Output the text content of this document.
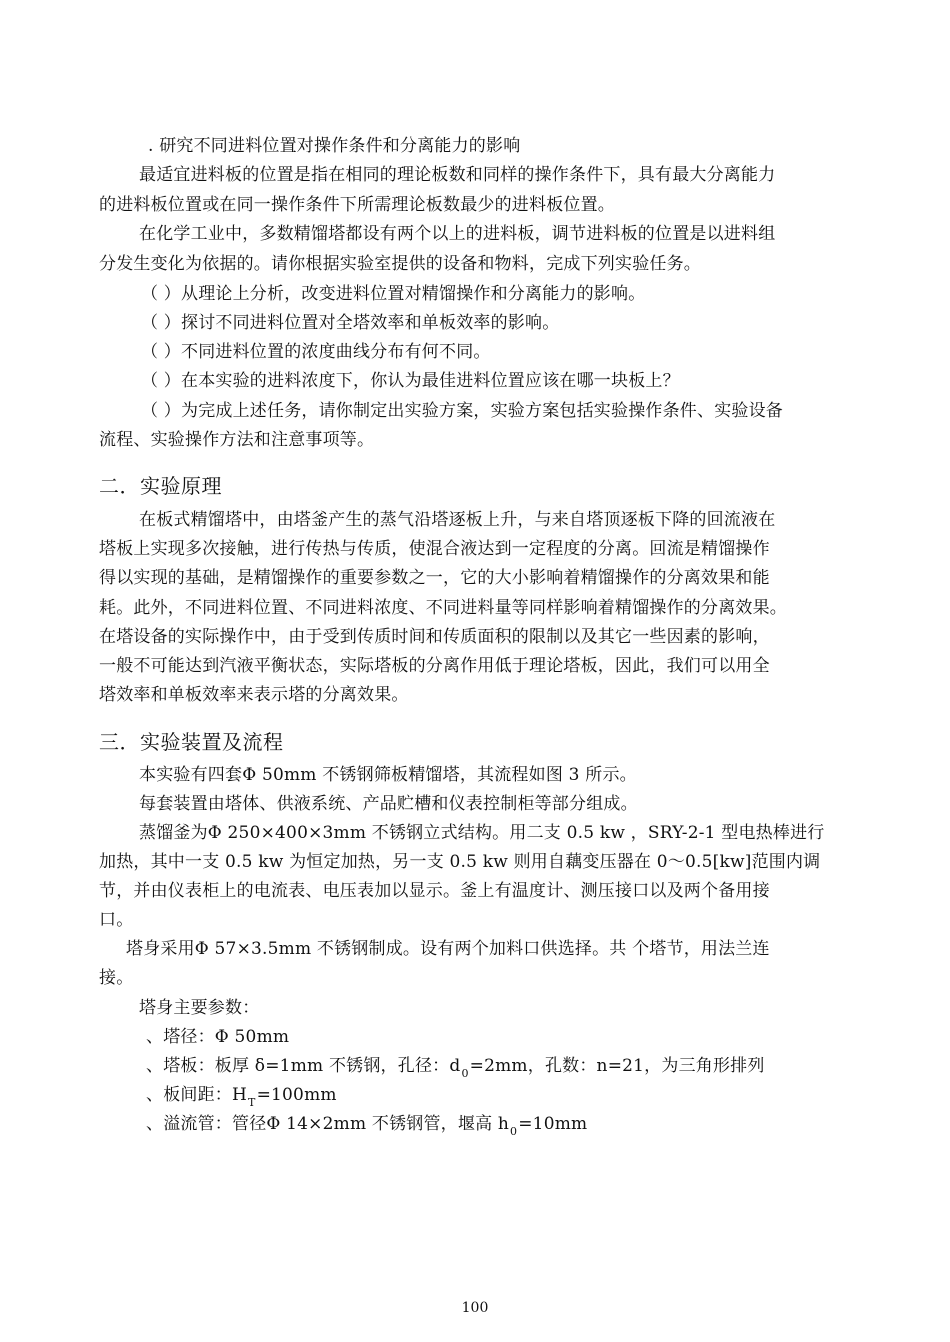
. 研究不同进料位置对操作条件和分离能力的影响
最适宜进料板的位置是指在相同的理论板数和同样的操作条件下，具有最大分离能力
的进料板位置或在同一操作条件下所需理论板数最少的进料板位置。
在化学工业中，多数精馏塔都设有两个以上的进料板，调节进料板的位置是以进料组
分发生变化为依据的。请你根据实验室提供的设备和物料，完成下列实验任务。
（ ）从理论上分析，改变进料位置对精馏操作和分离能力的影响。
（ ）探讨不同进料位置对全塔效率和单板效率的影响。
（ ）不同进料位置的浓度曲线分布有何不同。
（ ）在本实验的进料浓度下，你认为最佳进料位置应该在哪一块板上？
（ ）为完成上述任务，请你制定出实验方案，实验方案包括实验操作条件、实验设备
流程、实验操作方法和注意事项等。
二．实验原理
在板式精馏塔中，由塔釜产生的蒸气沿塔逐板上升，与来自塔顶逐板下降的回流液在
塔板上实现多次接触，进行传热与传质，使混合液达到一定程度的分离。回流是精馏操作
得以实现的基础，是精馏操作的重要参数之一，它的大小影响着精馏操作的分离效果和能
耗。此外，不同进料位置、不同进料浓度、不同进料量等同样影响着精馏操作的分离效果。
在塔设备的实际操作中，由于受到传质时间和传质面积的限制以及其它一些因素的影响，
一般不可能达到汽液平衡状态，实际塔板的分离作用低于理论塔板，因此，我们可以用全
塔效率和单板效率来表示塔的分离效果。
三．实验装置及流程
本实验有四套Φ 50mm 不锈钢筛板精馏塔，其流程如图 3 所示。
每套装置由塔体、供液系统、产品贮槽和仪表控制柜等部分组成。
蒸馏釜为Φ 250×400×3mm 不锈钢立式结构。用二支 0.5 kw ，SRY-2-1 型电热棒进行
加热，其中一支 0.5 kw 为恒定加热，另一支 0.5 kw 则用自藕变压器在 0～0.5[kw]范围内调
节，并由仪表柜上的电流表、电压表加以显示。釜上有温度计、测压接口以及两个备用接
口。
塔身采用Φ 57×3.5mm 不锈钢制成。设有两个加料口供选择。共 个塔节，用法兰连
接。
塔身主要参数：
、塔径：Φ 50mm
、塔板：板厚 δ=1mm 不锈钢，孔径：$d_0=2mm$，孔数：n=21，为三角形排列
、板间距：$H_T=100mm$
、溢流管：管径Φ 14×2mm 不锈钢管，堰高 $h_0=10mm$
100
